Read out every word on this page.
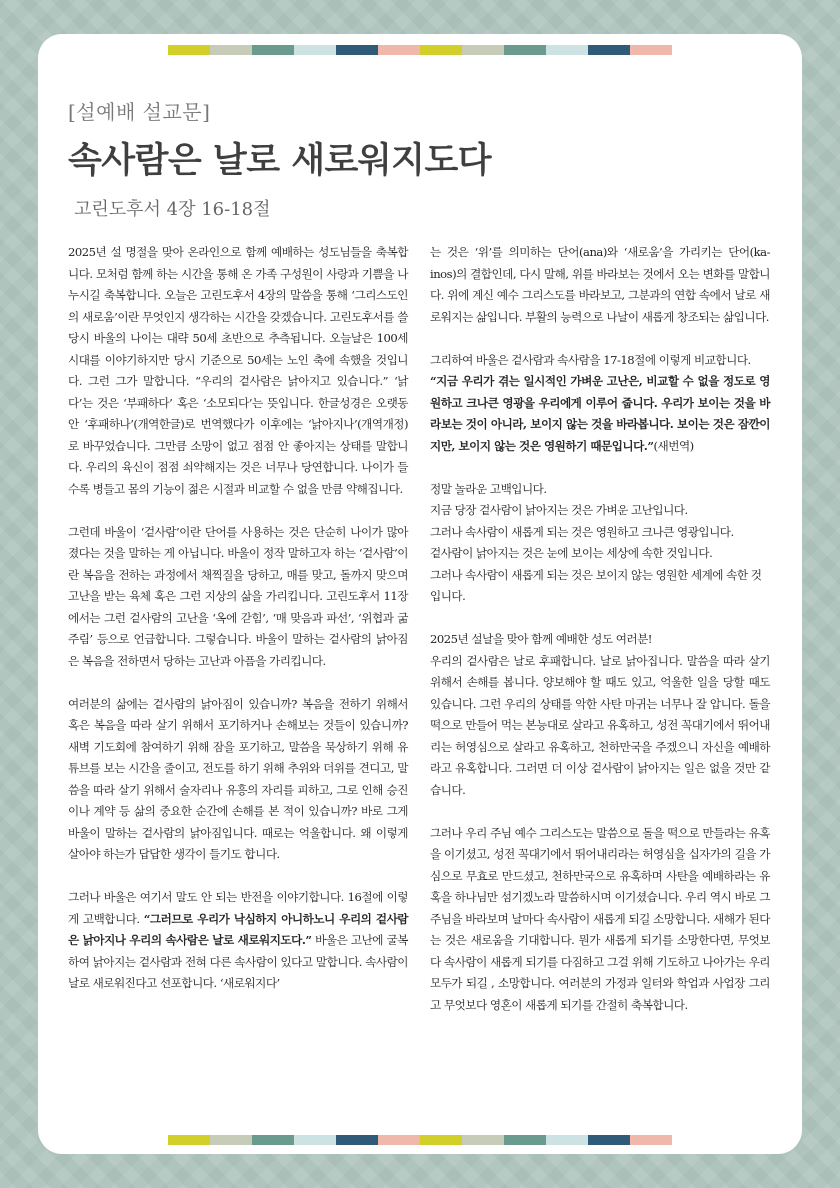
[설예배 설교문]

속사람은 날로 새로워지도다

고린도후서 4장 16-18절

2025년 설 명절을 맞아 온라인으로 함께 예배하는 성도님들을 축복합니다. 모처럼 함께 하는 시간을 통해 온 가족 구성원이 사랑과 기쁨을 나누시길 축복합니다. 오늘은 고린도후서 4장의 말씀을 통해 ‘그리스도인의 새로움’이란 무엇인지 생각하는 시간을 갖겠습니다. 고린도후서를 쓸 당시 바울의 나이는 대략 50세 초반으로 추측됩니다. 오늘날은 100세 시대를 이야기하지만 당시 기준으로 50세는 노인 축에 속했을 것입니다. 그런 그가 말합니다. “우리의 겉사람은 낡아지고 있습니다.” ‘낡다’는 것은 ‘부패하다’ 혹은 ‘소모되다’는 뜻입니다. 한글성경은 오랫동안 ‘후패하나’(개역한글)로 번역했다가 이후에는 ‘낡아지나’(개역개정)로 바꾸었습니다. 그만큼 소망이 없고 점점 안 좋아지는 상태를 말합니다. 우리의 육신이 점점 쇠약해지는 것은 너무나 당연합니다. 나이가 들수록 병들고 몸의 기능이 젊은 시절과 비교할 수 없을 만큼 약해집니다.

그런데 바울이 ‘겉사람’이란 단어를 사용하는 것은 단순히 나이가 많아졌다는 것을 말하는 게 아닙니다. 바울이 정작 말하고자 하는 ‘겉사람’이란 복음을 전하는 과정에서 채찍질을 당하고, 매를 맞고, 돌까지 맞으며 고난을 받는 육체 혹은 그런 지상의 삶을 가리킵니다. 고린도후서 11장에서는 그런 겉사람의 고난을 ‘옥에 갇힘’, ‘매 맞음과 파선’, ‘위협과 굶주림’ 등으로 언급합니다. 그렇습니다. 바울이 말하는 겉사람의 낡아짐은 복음을 전하면서 당하는 고난과 아픔을 가리킵니다.

여러분의 삶에는 겉사람의 낡아짐이 있습니까? 복음을 전하기 위해서 혹은 복음을 따라 살기 위해서 포기하거나 손해보는 것들이 있습니까? 새벽 기도회에 참여하기 위해 잠을 포기하고, 말씀을 묵상하기 위해 유튜브를 보는 시간을 줄이고, 전도를 하기 위해 추위와 더위를 견디고, 말씀을 따라 살기 위해서 술자리나 유흥의 자리를 피하고, 그로 인해 승진이나 계약 등 삶의 중요한 순간에 손해를 본 적이 있습니까? 바로 그게 바울이 말하는 겉사람의 낡아짐입니다. 때로는 억울합니다. 왜 이렇게 살아야 하는가 답답한 생각이 들기도 합니다.

그러나 바울은 여기서 말도 안 되는 반전을 이야기합니다. 16절에 이렇게 고백합니다. “그러므로 우리가 낙심하지 아니하노니 우리의 겉사람은 낡아지나 우리의 속사람은 날로 새로워지도다.” 바울은 고난에 굴복하여 낡아지는 겉사람과 전혀 다른 속사람이 있다고 말합니다. 속사람이 날로 새로워진다고 선포합니다. ‘새로워지다’

는 것은 ‘위’를 의미하는 단어(ana)와 ‘새로움’을 가리키는 단어(ka-inos)의 결합인데, 다시 말해, 위를 바라보는 것에서 오는 변화를 말합니다. 위에 계신 예수 그리스도를 바라보고, 그분과의 연합 속에서 날로 새로워지는 삶입니다. 부활의 능력으로 나날이 새롭게 창조되는 삶입니다.

그리하여 바울은 겉사람과 속사람을 17-18절에 이렇게 비교합니다.
“지금 우리가 겪는 일시적인 가벼운 고난은, 비교할 수 없을 정도로 영원하고 크나큰 영광을 우리에게 이루어 줍니다. 우리가 보이는 것을 바라보는 것이 아니라, 보이지 않는 것을 바라봅니다. 보이는 것은 잠깐이지만, 보이지 않는 것은 영원하기 때문입니다.”(새번역)

정말 놀라운 고백입니다.
지금 당장 겉사람이 낡아지는 것은 가벼운 고난입니다.
그러나 속사람이 새롭게 되는 것은 영원하고 크나큰 영광입니다.
겉사람이 낡아지는 것은 눈에 보이는 세상에 속한 것입니다.
그러나 속사람이 새롭게 되는 것은 보이지 않는 영원한 세계에 속한 것입니다.

2025년 설날을 맞아 함께 예배한 성도 여러분!
우리의 겉사람은 날로 후패합니다. 날로 낡아집니다. 말씀을 따라 살기 위해서 손해를 봅니다. 양보해야 할 때도 있고, 억울한 일을 당할 때도 있습니다. 그런 우리의 상태를 악한 사탄 마귀는 너무나 잘 압니다. 돌을 떡으로 만들어 먹는 본능대로 살라고 유혹하고, 성전 꼭대기에서 뛰어내리는 허영심으로 살라고 유혹하고, 천하만국을 주겠으니 자신을 예배하라고 유혹합니다. 그러면 더 이상 겉사람이 낡아지는 일은 없을 것만 같습니다.

그러나 우리 주님 예수 그리스도는 말씀으로 돌을 떡으로 만들라는 유혹을 이기셨고, 성전 꼭대기에서 뛰어내리라는 허영심을 십자가의 길을 가심으로 무효로 만드셨고, 천하만국으로 유혹하며 사탄을 예배하라는 유혹을 하나님만 섬기겠노라 말씀하시며 이기셨습니다. 우리 역시 바로 그 주님을 바라보며 날마다 속사람이 새롭게 되길 소망합니다. 새해가 된다는 것은 새로움을 기대합니다. 뭔가 새롭게 되기를 소망한다면, 무엇보다 속사람이 새롭게 되기를 다짐하고 그걸 위해 기도하고 나아가는 우리 모두가 되길 , 소망합니다. 여러분의 가정과 일터와 학업과 사업장 그리고 무엇보다 영혼이 새롭게 되기를 간절히 축복합니다.
